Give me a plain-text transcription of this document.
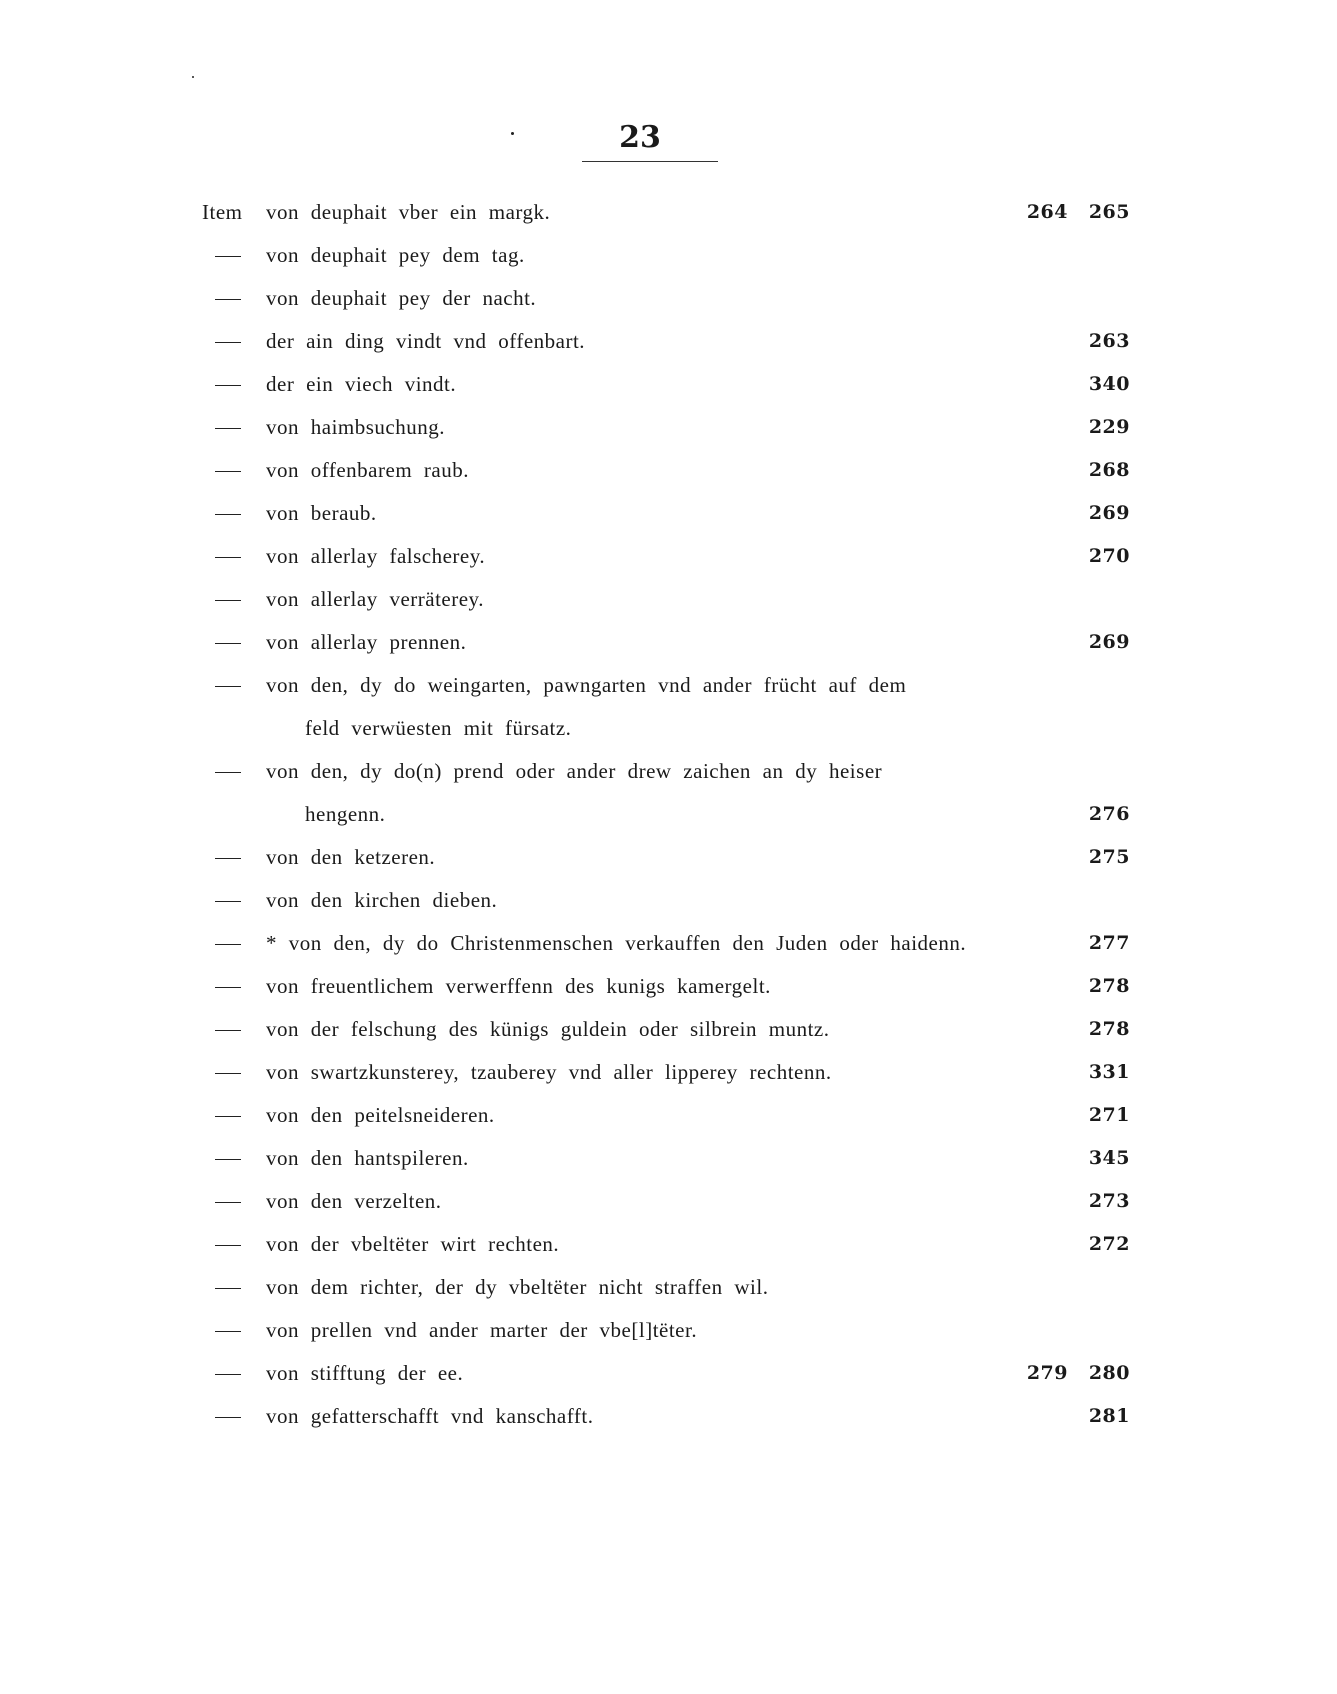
23
Item von deuphait vber ein margk.	264 265
von deuphait pey dem tag.
von deuphait pey der nacht.
der ain ding vindt vnd offenbart.	263
der ein viech vindt.	340
von haimbsuchung.	229
von offenbarem raub.	268
von beraub.	269
von allerlay falscherey.	270
von allerlay verräterey.
von allerlay prennen.	269
von den, dy do weingarten, pawngarten vnd ander frücht auf dem
feld verwüesten mit fürsatz.
von den, dy do(n) prend oder ander drew zaichen an dy heiser
hengenn.	276
von den ketzeren.	275
von den kirchen dieben.
* von den, dy do Christenmenschen verkauffen den Juden oder haidenn.	277
von freuentlichem verwerffenn des kunigs kamergelt.	278
von der felschung des künigs guldein oder silbrein muntz.	278
von swartzkunsterey, tzauberey vnd aller lipperey rechtenn.	331
von den peitelsneideren.	271
von den hantspileren.	345
von den verzelten.	273
von der vbeltëter wirt rechten.	272
von dem richter, der dy vbeltëter nicht straffen wil.
von prellen vnd ander marter der vbe[l]tëter.
von stifftung der ee.	279 280
von gefatterschafft vnd kanschafft.	281
